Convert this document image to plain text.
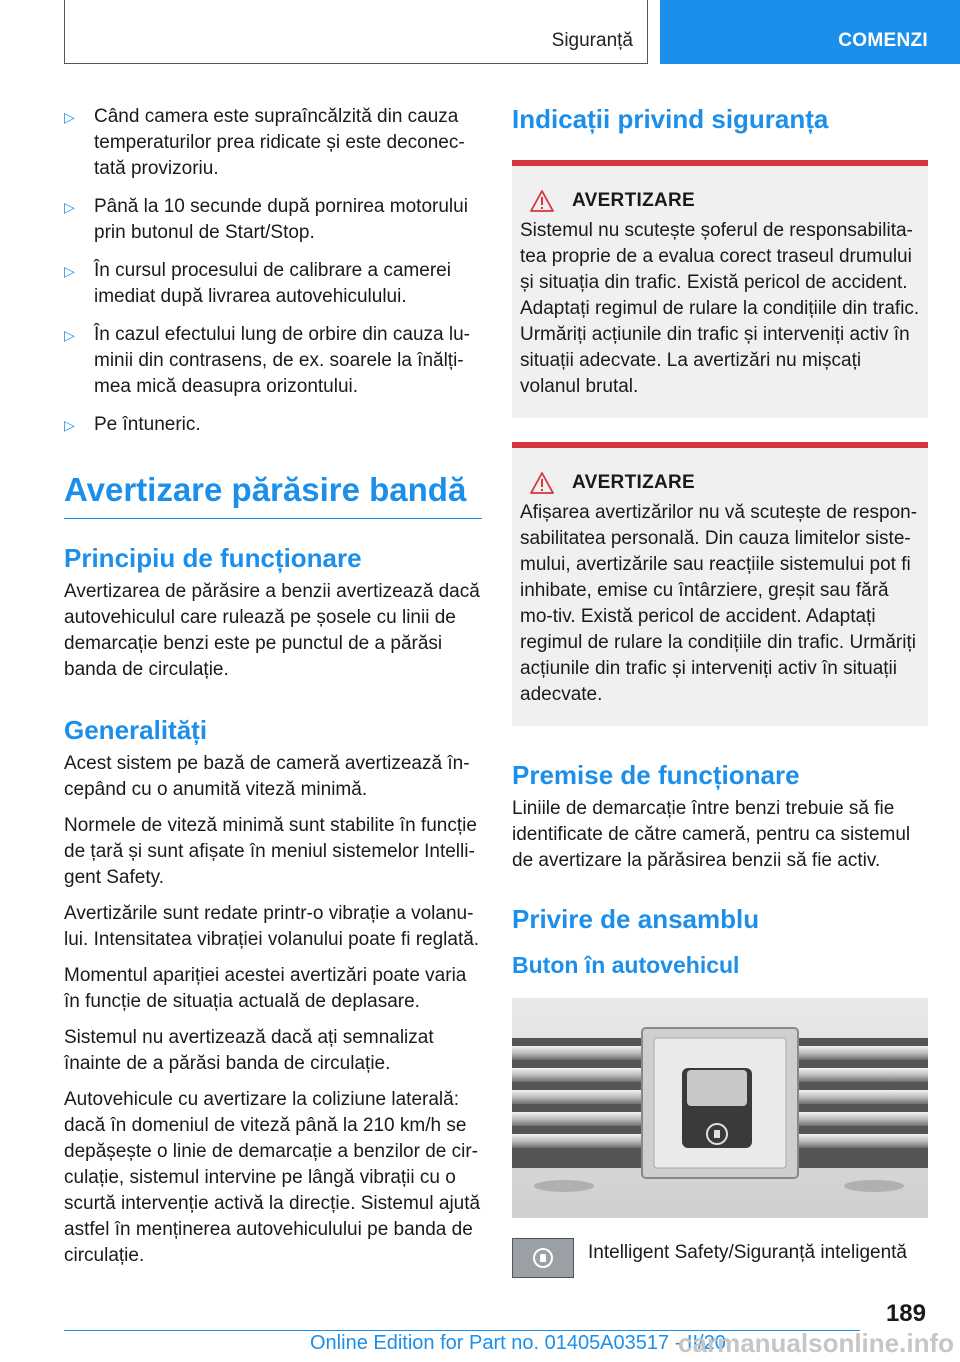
Siguranță	COMENZI
▷ Când camera este supraîncălzită din cauza temperaturilor prea ridicate și este deconec-tată provizoriu.
▷ Până la 10 secunde după pornirea motorului prin butonul de Start/Stop.
▷ În cursul procesului de calibrare a camerei imediat după livrarea autovehiculului.
▷ În cazul efectului lung de orbire din cauza lu-minii din contrasens, de ex. soarele la înălți-mea mică deasupra orizontului.
▷ Pe întuneric.
Avertizare părăsire bandă
Principiu de funcționare

Avertizarea de părăsire a benzii avertizează dacă autovehiculul care rulează pe șosele cu linii de demarcație benzi este pe punctul de a părăsi banda de circulație.

Generalități

Acest sistem pe bază de cameră avertizează în-cepând cu o anumită viteză minimă.

Normele de viteză minimă sunt stabilite în funcție de țară și sunt afișate în meniul sistemelor Intelli-gent Safety.

Avertizările sunt redate printr-o vibrație a volanu-lui. Intensitatea vibrației volanului poate fi reglată.

Momentul apariției acestei avertizări poate varia în funcție de situația actuală de deplasare.

Sistemul nu avertizează dacă ați semnalizat înainte de a părăsi banda de circulație.

Autovehicule cu avertizare la coliziune laterală: dacă în domeniul de viteză până la 210 km/h se depășește o linie de demarcație a benzilor de cir-culație, sistemul intervine pe lângă vibrații cu o scurtă intervenție activă la direcție. Sistemul ajută astfel în menținerea autovehiculului pe banda de circulație.

Indicații privind siguranța
AVERTIZARE
Sistemul nu scutește șoferul de responsabilita-tea proprie de a evalua corect traseul drumului și situația din trafic. Există pericol de accident. Adaptați regimul de rulare la condițiile din trafic. Urmăriți acțiunile din trafic și interveniți activ în situații adecvate. La avertizări nu mișcați volanul brutal.
AVERTIZARE
Afișarea avertizărilor nu vă scutește de respon-sabilitatea personală. Din cauza limitelor siste-mului, avertizările sau reacțiile sistemului pot fi inhibate, emise cu întârziere, greșit sau fără mo-tiv. Există pericol de accident. Adaptați regimul de rulare la condițiile din trafic. Urmăriți acțiunile din trafic și interveniți activ în situații adecvate.
Premise de funcționare

Liniile de demarcație între benzi trebuie să fie identificate de către cameră, pentru ca sistemul de avertizare la părăsirea benzii să fie activ.

Privire de ansamblu
Buton în autovehicul
Intelligent Safety/Siguranță inteligentă
189
Online Edition for Part no. 01405A03517 - II/20
carmanualsonline.info
